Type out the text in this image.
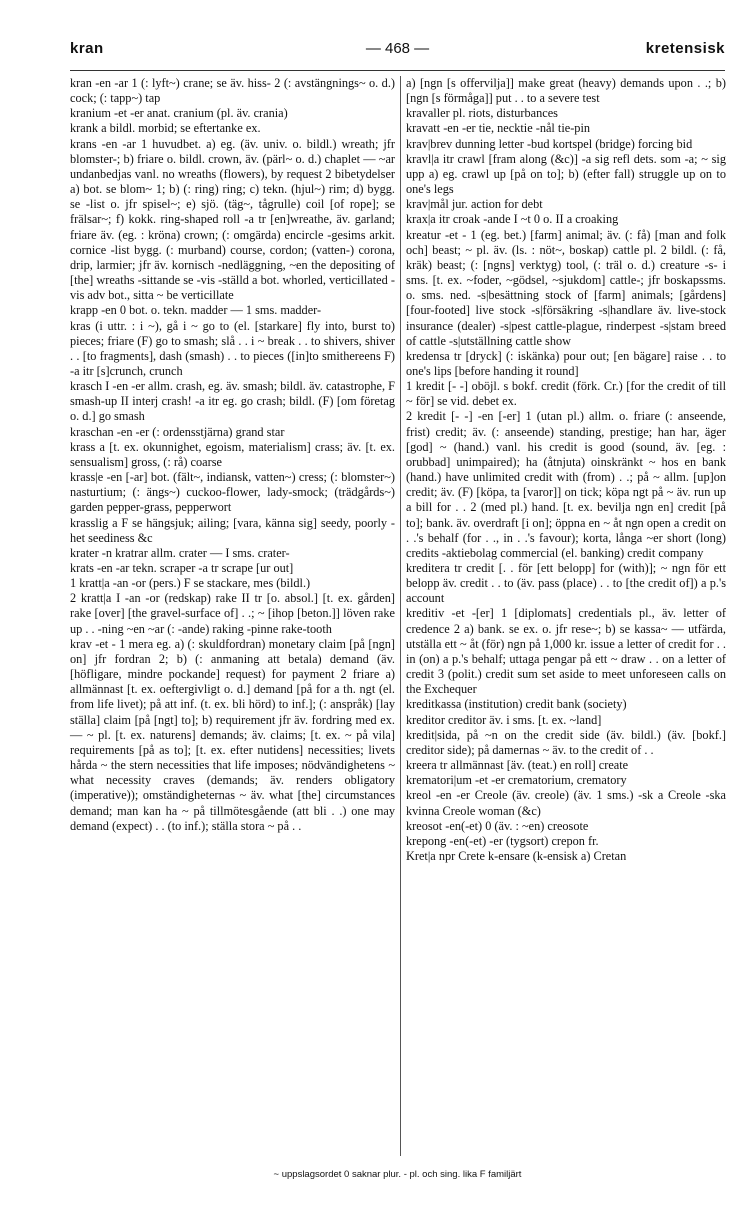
kran	— 468 —	kretensisk

kran -en -ar 1 (: lyft~) crane; se äv. hiss- 2 (: avstängnings~ o. d.) cock; (: tapp~) tap

kranium -et -er anat. cranium (pl. äv. crania)

krank a bildl. morbid; se eftertanke ex.

krans -en -ar 1 huvudbet. a) eg. (äv. univ. o. bildl.) wreath; jfr blomster-; b) friare o. bildl. crown, äv. (pärl~ o. d.) chaplet — ~ar undanbedjas vanl. no wreaths (flowers), by request 2 bibetydelser a) bot. se blom~ 1; b) (: ring) ring; c) tekn. (hjul~) rim; d) bygg. se -list o. jfr spisel~; e) sjö. (täg~, tågrulle) coil [of rope]; se frälsar~; f) kokk. ring-shaped roll -a tr [en]wreathe, äv. garland; friare äv. (eg. : kröna) crown; (: omgärda) encircle -gesims arkit. cornice -list bygg. (: murband) course, cordon; (vatten-) corona, drip, larmier; jfr äv. kornisch -nedläggning, ~en the depositing of [the] wreaths -sittande se -vis -ställd a bot. whorled, verticillated -vis adv bot., sitta ~ be verticillate

krapp -en 0 bot. o. tekn. madder — 1 sms. madder-

kras (i uttr. : i ~), gå i ~ go to (el. [starkare] fly into, burst to) pieces; friare (F) go to smash; slå . . i ~ break . . to shivers, shiver . . [to fragments], dash (smash) . . to pieces ([in]to smithereens F) -a itr [s]crunch, crunch

krasch I -en -er allm. crash, eg. äv. smash; bildl. äv. catastrophe, F smash-up II interj crash! -a itr eg. go crash; bildl. (F) [om företag o. d.] go smash

kraschan -en -er (: ordensstjärna) grand star

krass a [t. ex. okunnighet, egoism, materialism] crass; äv. [t. ex. sensualism] gross, (: rå) coarse

krass|e -en [-ar] bot. (fält~, indiansk, vatten~) cress; (: blomster~) nasturtium; (: ängs~) cuckoo-flower, lady-smock; (trädgårds~) garden pepper-grass, pepperwort

krasslig a F se hängsjuk; ailing; [vara, känna sig] seedy, poorly -het seediness &c

krater -n kratrar allm. crater — I sms. crater-

krats -en -ar tekn. scraper -a tr scrape [ur out]

1 kratt|a -an -or (pers.) F se stackare, mes (bildl.)

2 kratt|a I -an -or (redskap) rake II tr [o. absol.] [t. ex. gården] rake [over] [the gravel-surface of] . .; ~ [ihop [beton.]] löven rake up . . -ning ~en ~ar (: -ande) raking -pinne rake-tooth

krav -et - 1 mera eg. a) (: skuldfordran) monetary claim [på [ngn] on] jfr fordran 2; b) (: anmaning att betala) demand (äv. [höfligare, mindre pockande] request) for payment 2 friare a) allmännast [t. ex. oeftergivligt o. d.] demand [på for a th. ngt (el. from life livet); på att inf. (t. ex. bli hörd) to inf.]; (: anspråk) [lay ställa] claim [på [ngt] to]; b) requirement jfr äv. fordring med ex. — ~ pl. [t. ex. naturens] demands; äv. claims; [t. ex. ~ på vila] requirements [på as to]; [t. ex. efter nutidens] necessities; livets hårda ~ the stern necessities that life imposes; nödvändighetens ~ what necessity craves (demands; äv. renders obligatory (imperative)); omständigheternas ~ äv. what [the] circumstances demand; man kan ha ~ på tillmötesgående (att bli . .) one may demand (expect) . . (to inf.); ställa stora ~ på . .

a) [ngn [s offervilja]] make great (heavy) demands upon . .; b) [ngn [s förmåga]] put . . to a severe test

kravaller pl. riots, disturbances

kravatt -en -er tie, necktie -nål tie-pin

krav|brev dunning letter -bud kortspel (bridge) forcing bid

kravl|a itr crawl [fram along (&c)] -a sig refl dets. som -a; ~ sig upp a) eg. crawl up [på on to]; b) (efter fall) struggle up on to one's legs

krav|mål jur. action for debt

krax|a itr croak -ande I ~t 0 o. II a croaking

kreatur -et - 1 (eg. bet.) [farm] animal; äv. (: få) [man and folk och] beast; ~ pl. äv. (ls. : nöt~, boskap) cattle pl. 2 bildl. (: få, kräk) beast; (: [ngns] verktyg) tool, (: träl o. d.) creature -s- i sms. [t. ex. ~foder, ~gödsel, ~sjukdom] cattle-; jfr boskapssms. o. sms. ned. -s|besättning stock of [farm] animals; [gårdens] [four-footed] live stock -s|försäkring -s|handlare äv. live-stock insurance (dealer) -s|pest cattle-plague, rinderpest -s|stam breed of cattle -s|utställning cattle show

kredensa tr [dryck] (: iskänka) pour out; [en bägare] raise . . to one's lips [before handing it round]

1 kredit [- -] oböjl. s bokf. credit (förk. Cr.) [for the credit of till ~ för] se vid. debet ex.

2 kredit [- -] -en [-er] 1 (utan pl.) allm. o. friare (: anseende, frist) credit; äv. (: anseende) standing, prestige; han har, äger [god] ~ (hand.) vanl. his credit is good (sound, äv. [eg. : orubbad] unimpaired); ha (åtnjuta) oinskränkt ~ hos en bank (hand.) have unlimited credit with (from) . .; på ~ allm. [up]on credit; äv. (F) [köpa, ta [varor]] on tick; köpa ngt på ~ äv. run up a bill for . . 2 (med pl.) hand. [t. ex. bevilja ngn en] credit [på to]; bank. äv. overdraft [i on]; öppna en ~ åt ngn open a credit on . .'s behalf (for . ., in . .'s favour); korta, långa ~er short (long) credits -aktiebolag commercial (el. banking) credit company

kreditera tr credit [. . för [ett belopp] for (with)]; ~ ngn för ett belopp äv. credit . . to (äv. pass (place) . . to [the credit of]) a p.'s account

kreditiv -et -[er] 1 [diplomats] credentials pl., äv. letter of credence 2 a) bank. se ex. o. jfr rese~; b) se kassa~ — utfärda, utställa ett ~ åt (för) ngn på 1,000 kr. issue a letter of credit for . . in (on) a p.'s behalf; uttaga pengar på ett ~ draw . . on a letter of credit 3 (polit.) credit sum set aside to meet unforeseen calls on the Exchequer

kreditkassa (institution) credit bank (society)

kreditor creditor äv. i sms. [t. ex. ~land]

kredit|sida, på ~n on the credit side (äv. bildl.) (äv. [bokf.] creditor side); på damernas ~ äv. to the credit of . .

kreera tr allmännast [äv. (teat.) en roll] create

krematori|um -et -er crematorium, crematory

kreol -en -er Creole (äv. creole) (äv. 1 sms.) -sk a Creole -ska kvinna Creole woman (&c)

kreosot -en(-et) 0 (äv. : ~en) creosote

krepong -en(-et) -er (tygsort) crepon fr.

Kret|a npr Crete k-ensare (k-ensisk a) Cretan

~ uppslagsordet 0 saknar plur. - pl. och sing. lika F familjärt
